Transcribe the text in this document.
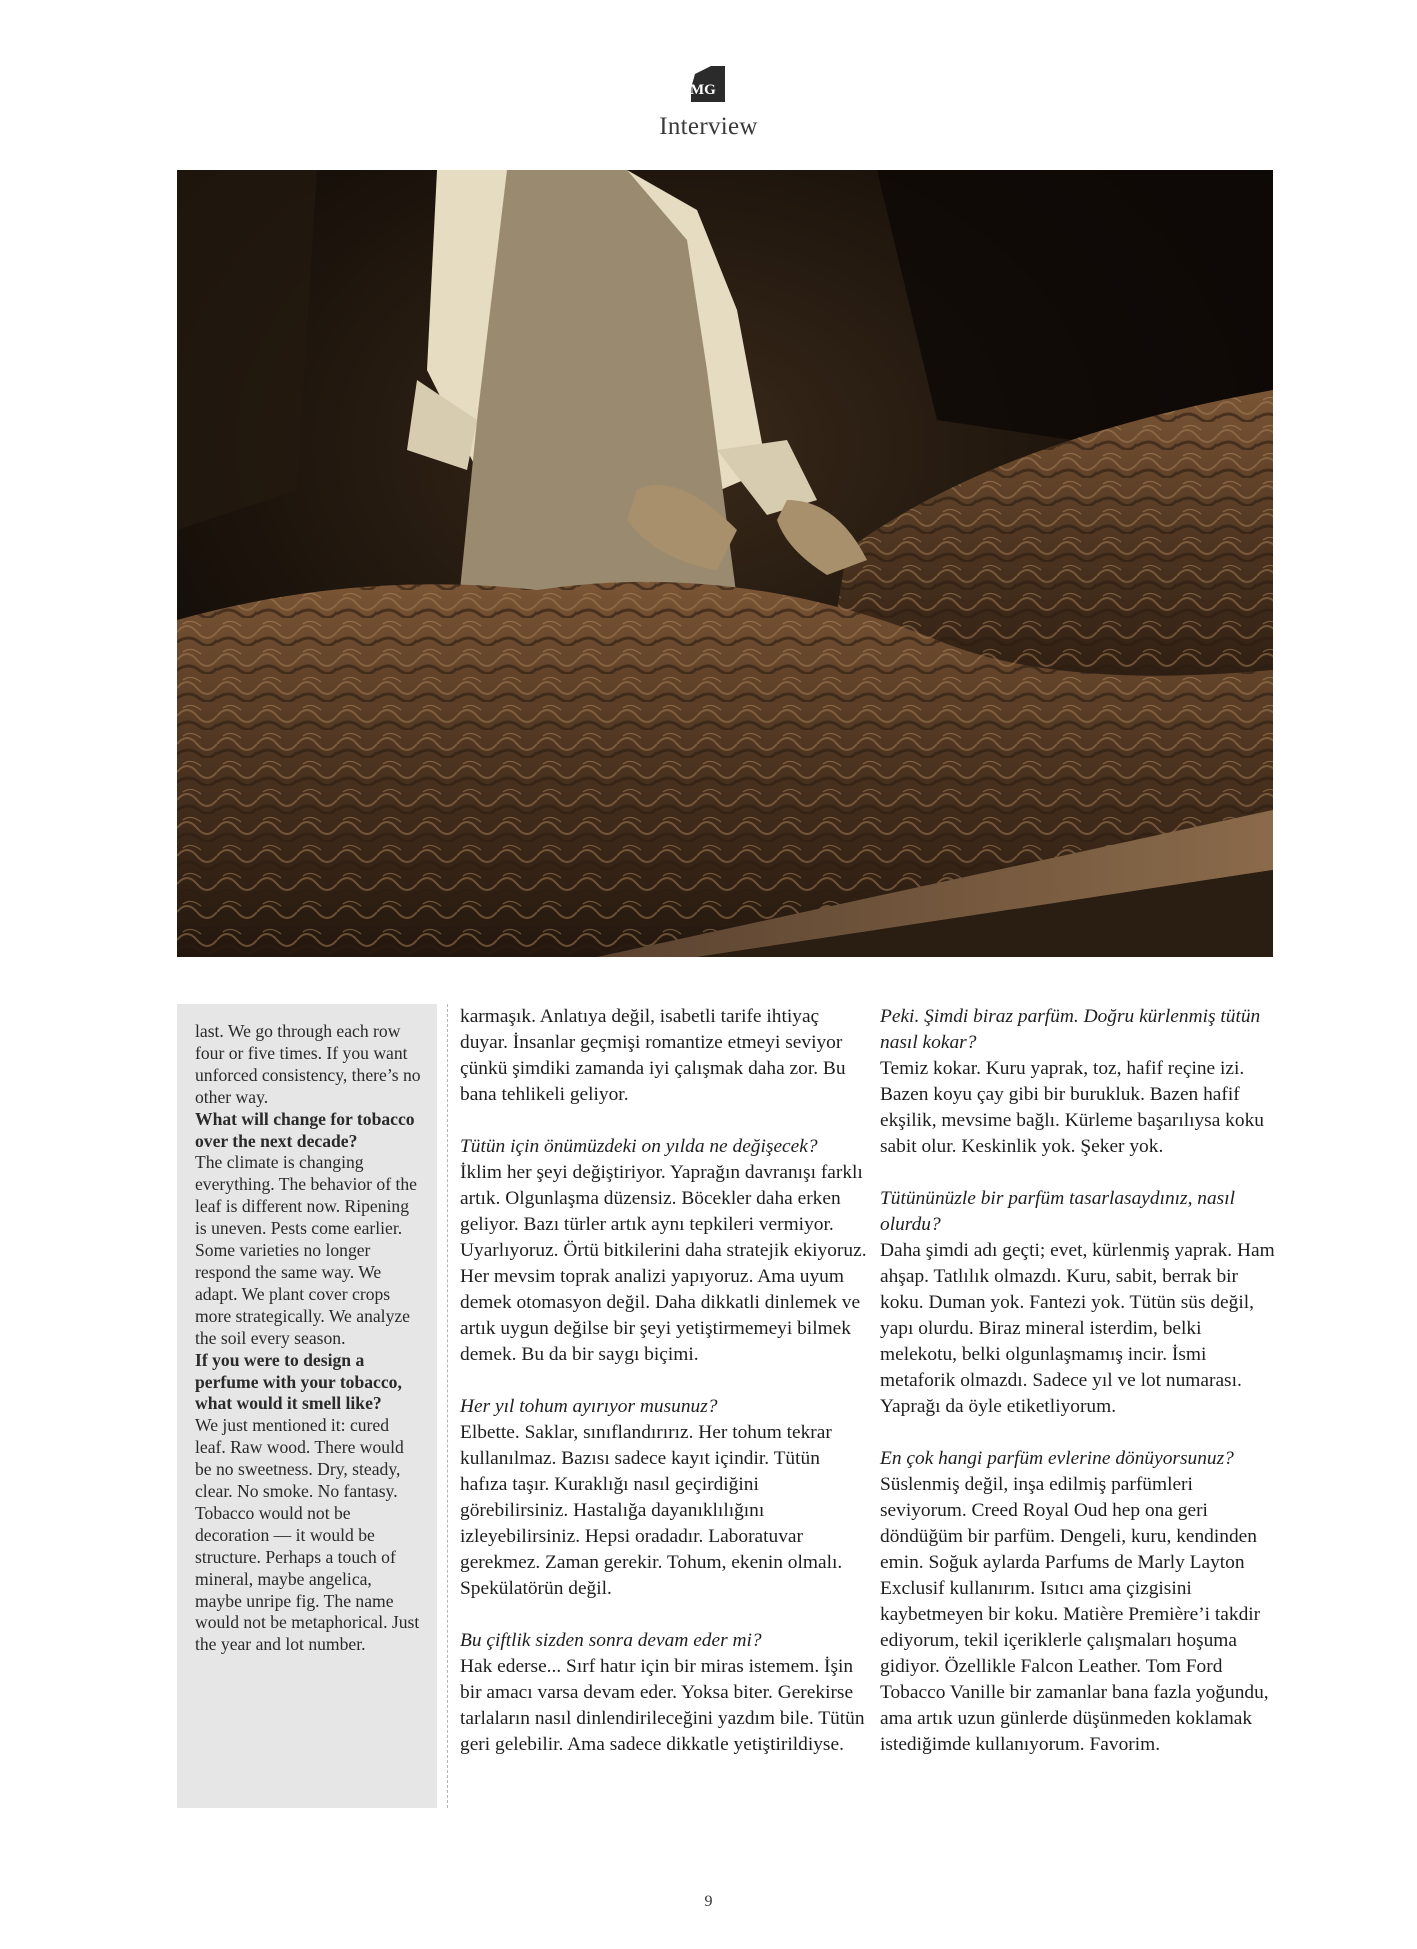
MG
Interview

last. We go through each row four or five times. If you want unforced consistency, there’s no other way.

What will change for tobacco over the next decade?

The climate is changing everything. The behavior of the leaf is different now. Ripening is uneven. Pests come earlier. Some varieties no longer respond the same way. We adapt. We plant cover crops more strategically. We analyze the soil every season.

If you were to design a perfume with your tobacco, what would it smell like?

We just mentioned it: cured leaf. Raw wood. There would be no sweetness. Dry, steady, clear. No smoke. No fantasy. Tobacco would not be decoration — it would be structure. Perhaps a touch of mineral, maybe angelica, maybe unripe fig. The name would not be metaphorical. Just the year and lot number.

karmaşık. Anlatıya değil, isabetli tarife ihtiyaç duyar. İnsanlar geçmişi romantize etmeyi seviyor çünkü şimdiki zamanda iyi çalışmak daha zor. Bu bana tehlikeli geliyor.

Tütün için önümüzdeki on yılda ne değişecek?

İklim her şeyi değiştiriyor. Yaprağın davranışı farklı artık. Olgunlaşma düzensiz. Böcekler daha erken geliyor. Bazı türler artık aynı tepkileri vermiyor. Uyarlıyoruz. Örtü bitkilerini daha stratejik ekiyoruz. Her mevsim toprak analizi yapıyoruz. Ama uyum demek otomasyon değil. Daha dikkatli dinlemek ve artık uygun değilse bir şeyi yetiştirmemeyi bilmek demek. Bu da bir saygı biçimi.

Her yıl tohum ayırıyor musunuz?

Elbette. Saklar, sınıflandırırız. Her tohum tekrar kullanılmaz. Bazısı sadece kayıt içindir. Tütün hafıza taşır. Kuraklığı nasıl geçirdiğini görebilirsiniz. Hastalığa dayanıklılığını izleyebilirsiniz. Hepsi oradadır. Laboratuvar gerekmez. Zaman gerekir. Tohum, ekenin olmalı. Spekülatörün değil.

Bu çiftlik sizden sonra devam eder mi?

Hak ederse... Sırf hatır için bir miras istemem. İşin bir amacı varsa devam eder. Yoksa biter. Gerekirse tarlaların nasıl dinlendirileceğini yazdım bile. Tütün geri gelebilir. Ama sadece dikkatle yetiştirildiyse.

Peki. Şimdi biraz parfüm. Doğru kürlenmiş tütün nasıl kokar?

Temiz kokar. Kuru yaprak, toz, hafif reçine izi. Bazen koyu çay gibi bir burukluk. Bazen hafif ekşilik, mevsime bağlı. Kürleme başarılıysa koku sabit olur. Keskinlik yok. Şeker yok.

Tütününüzle bir parfüm tasarlasaydınız, nasıl olurdu?

Daha şimdi adı geçti; evet, kürlenmiş yaprak. Ham ahşap. Tatlılık olmazdı. Kuru, sabit, berrak bir koku. Duman yok. Fantezi yok. Tütün süs değil, yapı olurdu. Biraz mineral isterdim, belki melekotu, belki olgunlaşmamış incir. İsmi metaforik olmazdı. Sadece yıl ve lot numarası. Yaprağı da öyle etiketliyorum.

En çok hangi parfüm evlerine dönüyorsunuz?

Süslenmiş değil, inşa edilmiş parfümleri seviyorum. Creed Royal Oud hep ona geri döndüğüm bir parfüm. Dengeli, kuru, kendinden emin. Soğuk aylarda Parfums de Marly Layton Exclusif kullanırım. Isıtıcı ama çizgisini kaybetmeyen bir koku. Matière Première’i takdir ediyorum, tekil içeriklerle çalışmaları hoşuma gidiyor. Özellikle Falcon Leather. Tom Ford Tobacco Vanille bir zamanlar bana fazla yoğundu, ama artık uzun günlerde düşünmeden koklamak istediğimde kullanıyorum. Favorim.

9
